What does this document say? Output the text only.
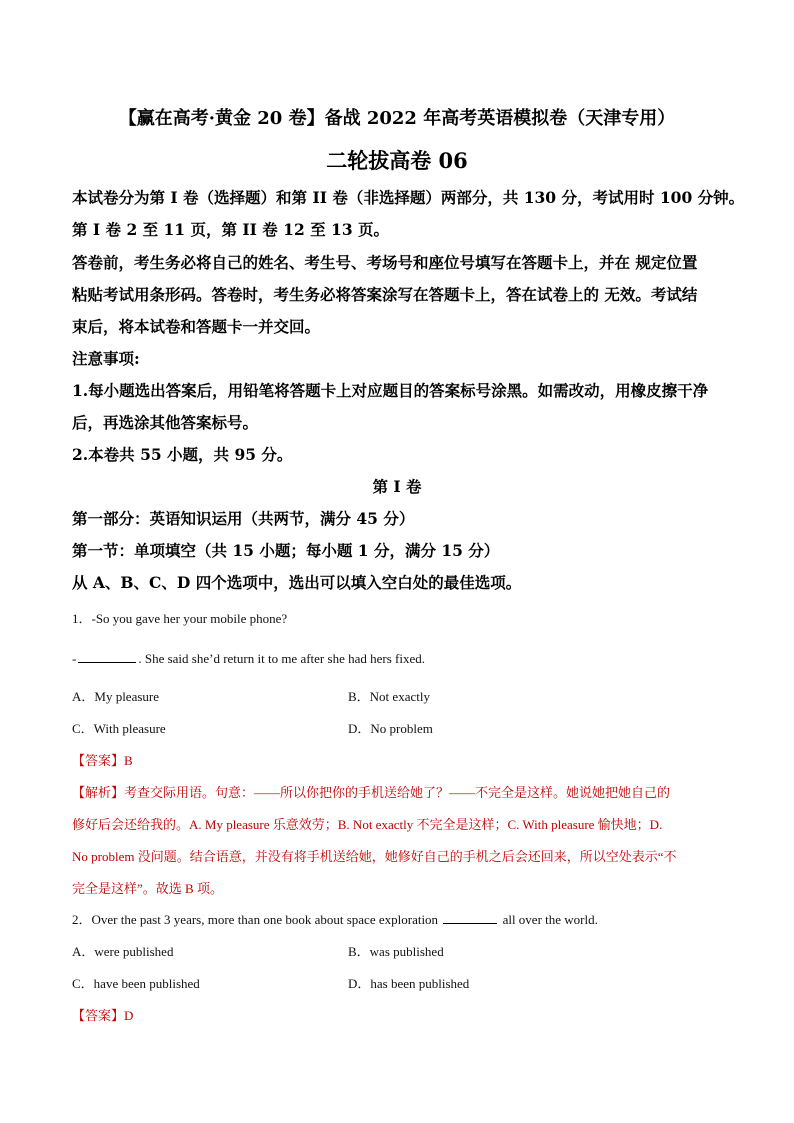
【赢在高考·黄金 20 卷】备战 2022 年高考英语模拟卷（天津专用）
二轮拔高卷 06
本试卷分为第 I 卷（选择题）和第 II 卷（非选择题）两部分，共 130 分，考试用时 100 分钟。
第 I 卷 2 至 11 页，第 II 卷 12 至 13 页。
答卷前，考生务必将自己的姓名、考生号、考场号和座位号填写在答题卡上，并在 规定位置
粘贴考试用条形码。答卷时，考生务必将答案涂写在答题卡上，答在试卷上的 无效。考试结
束后，将本试卷和答题卡一并交回。
注意事项:
1.每小题选出答案后，用铅笔将答题卡上对应题目的答案标号涂黑。如需改动，用橡皮擦干净
后，再选涂其他答案标号。
2.本卷共 55 小题，共 95 分。
第 I 卷
第一部分：英语知识运用（共两节，满分 45 分）
第一节：单项填空（共 15 小题；每小题 1 分，满分 15 分）
从 A、B、C、D 四个选项中，选出可以填入空白处的最佳选项。
1．-So you gave her your mobile phone?
-	. She said she’d return it to me after she had hers fixed.
A．My pleasure	B．Not exactly
C．With pleasure	D．No problem
【答案】B
【解析】考查交际用语。句意：——所以你把你的手机送给她了？——不完全是这样。她说她把她自己的
修好后会还给我的。A. My pleasure 乐意效劳；B. Not exactly 不完全是这样；C. With pleasure 愉快地；D.
No problem 没问题。结合语意，并没有将手机送给她，她修好自己的手机之后会还回来，所以空处表示“不
完全是这样”。故选 B 项。
2．Over the past 3 years, more than one book about space exploration	all over the world.
A．were published	B．was published
C．have been published	D．has been published
【答案】D
